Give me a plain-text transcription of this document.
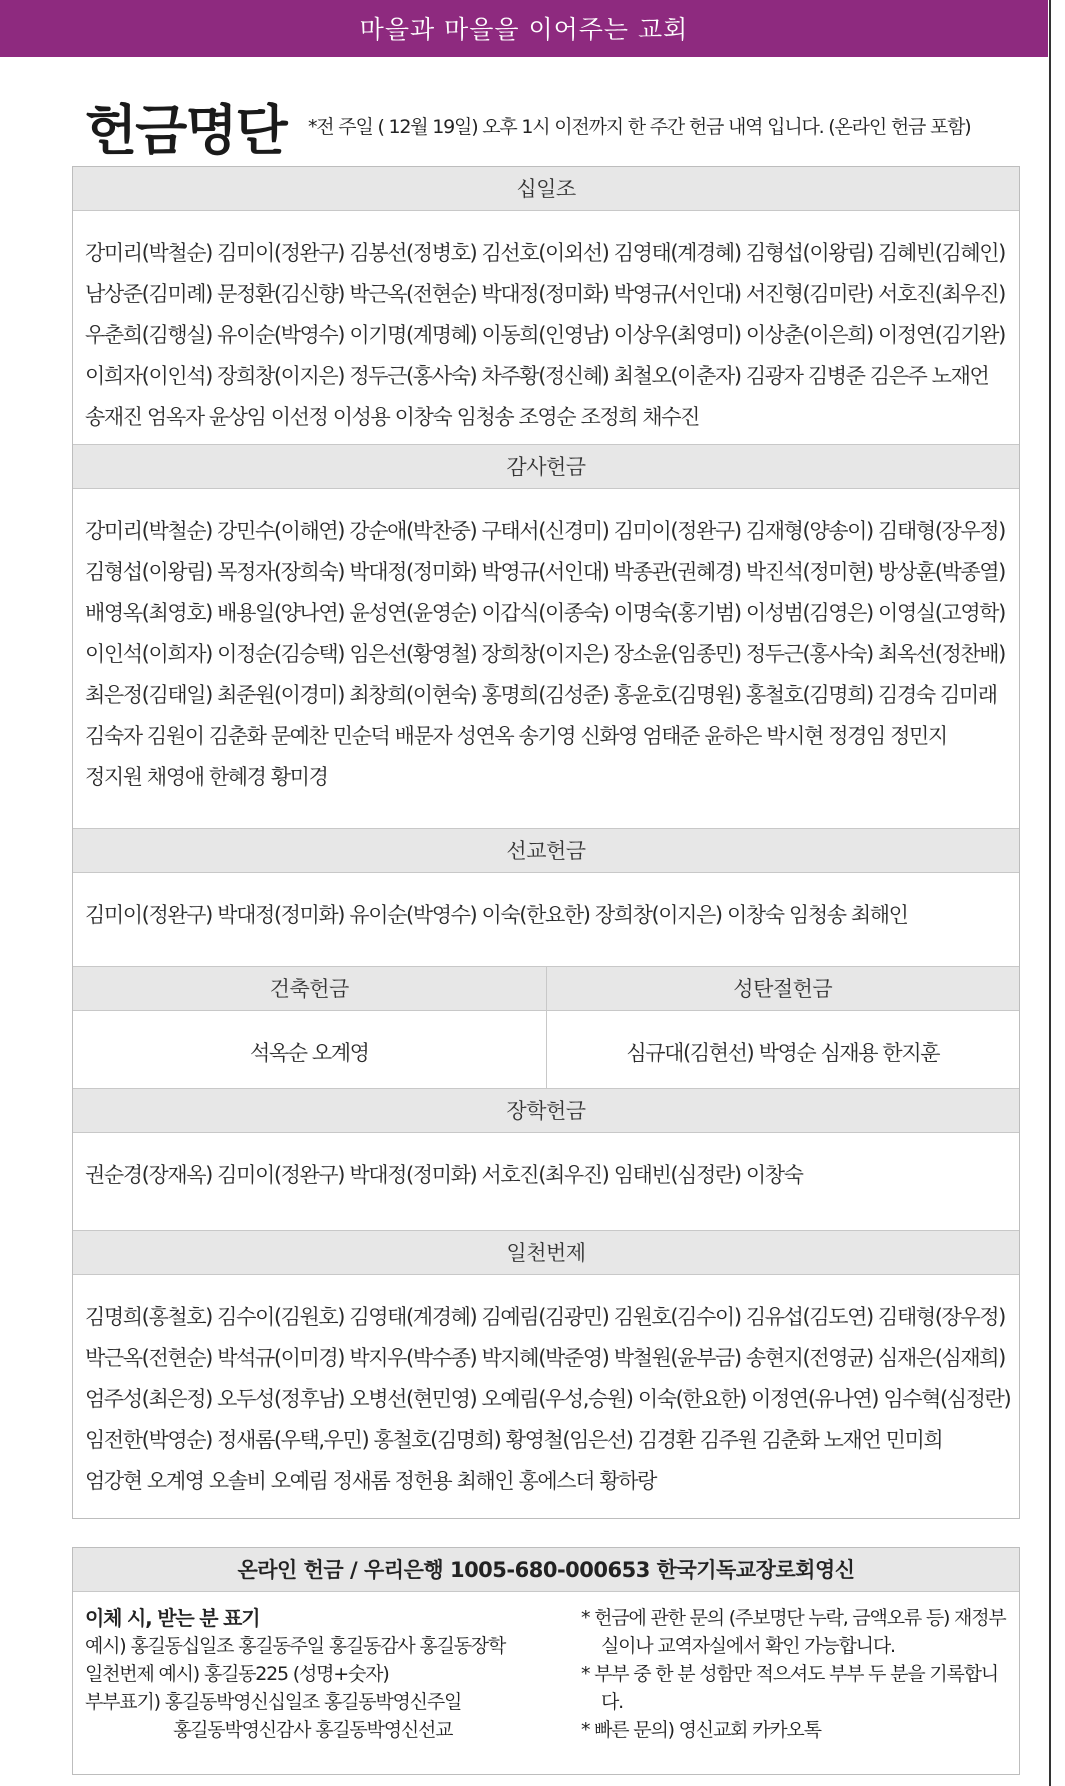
마을과 마을을 이어주는 교회
헌금명단 *전 주일 ( 12월 19일) 오후 1시 이전까지 한 주간 헌금 내역 입니다. (온라인 헌금 포함)
십일조
강미리(박철순) 김미이(정완구) 김봉선(정병호) 김선호(이외선) 김영태(계경혜) 김형섭(이왕림) 김혜빈(김혜인)
남상준(김미례) 문정환(김신향) 박근옥(전현순) 박대정(정미화) 박영규(서인대) 서진형(김미란) 서호진(최우진)
우춘희(김행실) 유이순(박영수) 이기명(계명혜) 이동희(인영남) 이상우(최영미) 이상춘(이은희) 이정연(김기완)
이희자(이인석) 장희창(이지은) 정두근(홍사숙) 차주황(정신혜) 최철오(이춘자) 김광자 김병준 김은주 노재언
송재진 엄옥자 윤상임 이선정 이성용 이창숙 임청송 조영순 조정희 채수진
감사헌금
강미리(박철순) 강민수(이해연) 강순애(박찬중) 구태서(신경미) 김미이(정완구) 김재형(양송이) 김태형(장우정)
김형섭(이왕림) 목정자(장희숙) 박대정(정미화) 박영규(서인대) 박종관(권혜경) 박진석(정미현) 방상훈(박종열)
배영옥(최영호) 배용일(양나연) 윤성연(윤영순) 이갑식(이종숙) 이명숙(홍기범) 이성범(김영은) 이영실(고영학)
이인석(이희자) 이정순(김승택) 임은선(황영철) 장희창(이지은) 장소윤(임종민) 정두근(홍사숙) 최옥선(정찬배)
최은정(김태일) 최준원(이경미) 최창희(이현숙) 홍명희(김성준) 홍윤호(김명원) 홍철호(김명희) 김경숙 김미래
김숙자 김원이 김춘화 문예찬 민순덕 배문자 성연옥 송기영 신화영 엄태준 윤하은 박시현 정경임 정민지
정지원 채영애 한혜경 황미경
선교헌금
김미이(정완구) 박대정(정미화) 유이순(박영수) 이숙(한요한) 장희창(이지은) 이창숙 임청송 최해인
건축헌금
석옥순 오계영
성탄절헌금
심규대(김현선) 박영순 심재용 한지훈
장학헌금
권순경(장재옥) 김미이(정완구) 박대정(정미화) 서호진(최우진) 임태빈(심정란) 이창숙
일천번제
김명희(홍철호) 김수이(김원호) 김영태(계경혜) 김예림(김광민) 김원호(김수이) 김유섭(김도연) 김태형(장우정)
박근옥(전현순) 박석규(이미경) 박지우(박수종) 박지혜(박준영) 박철원(윤부금) 송현지(전영균) 심재은(심재희)
엄주성(최은정) 오두성(정후남) 오병선(현민영) 오예림(우성,승원) 이숙(한요한) 이정연(유나연) 임수혁(심정란)
임전한(박영순) 정새롬(우택,우민) 홍철호(김명희) 황영철(임은선) 김경환 김주원 김춘화 노재언 민미희
엄강현 오계영 오솔비 오예림 정새롬 정헌용 최해인 홍에스더 황하랑
온라인 헌금 / 우리은행 1005-680-000653 한국기독교장로회영신
이체 시, 받는 분 표기
예시) 홍길동십일조 홍길동주일 홍길동감사 홍길동장학
일천번제 예시) 홍길동225 (성명+숫자)
부부표기) 홍길동박영신십일조 홍길동박영신주일
홍길동박영신감사 홍길동박영신선교
* 헌금에 관한 문의 (주보명단 누락, 금액오류 등) 재정부실이나 교역자실에서 확인 가능합니다.
* 부부 중 한 분 성함만 적으셔도 부부 두 분을 기록합니다.
* 빠른 문의) 영신교회 카카오톡
